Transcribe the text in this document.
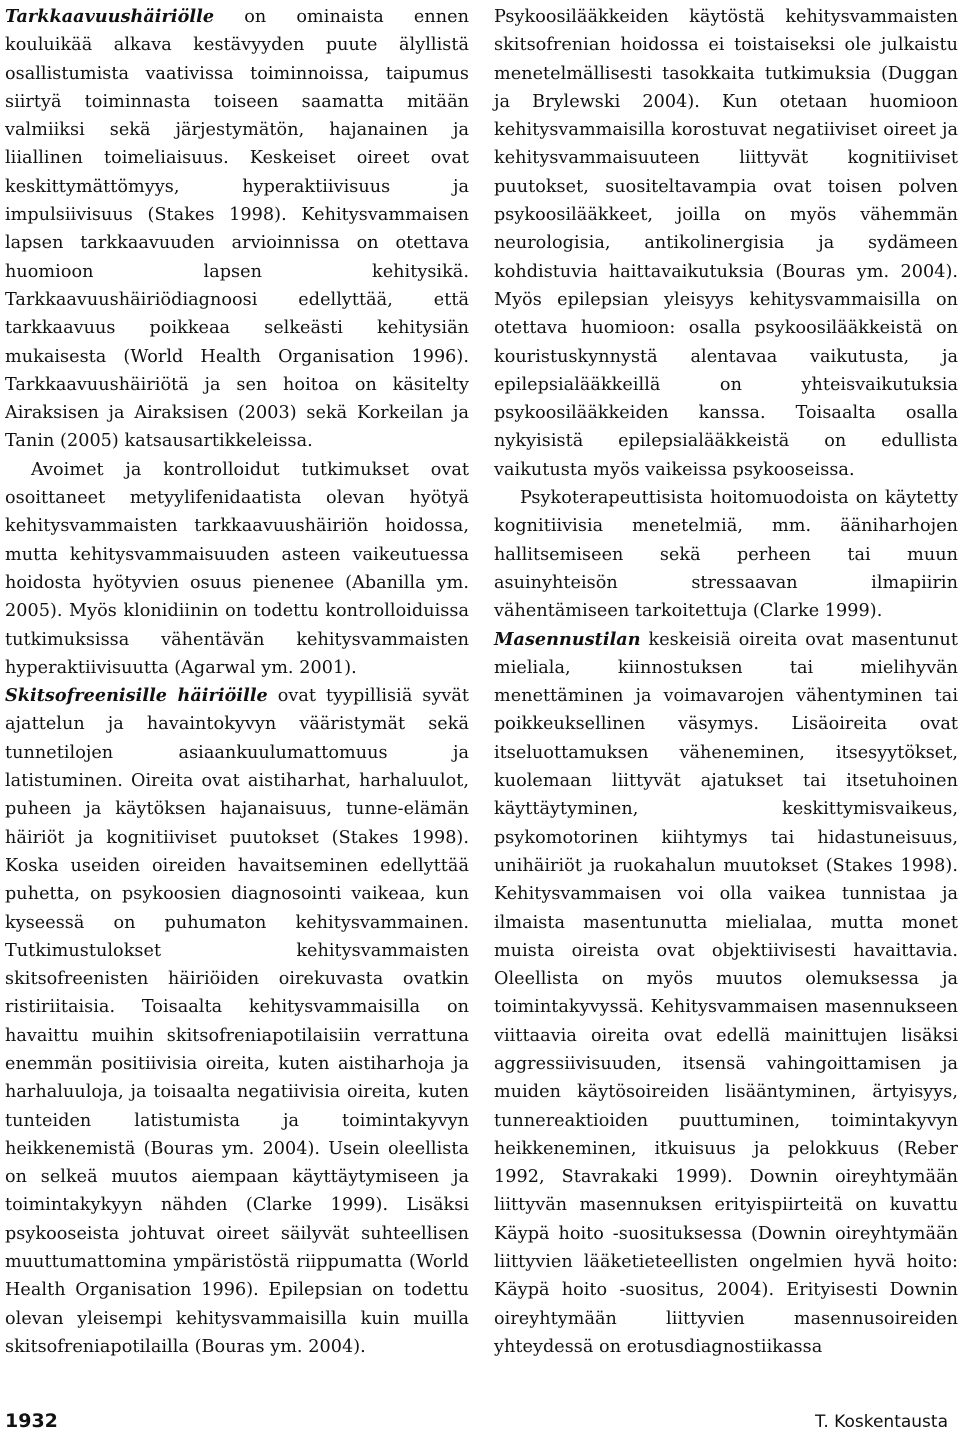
Tarkkaavuushäiriölle on ominaista ennen kouluikää alkava kestävyyden puute älyllistä osallistumista vaativissa toiminnoissa, taipumus siirtyä toiminnasta toiseen saamatta mitään valmiiksi sekä järjestymätön, hajanainen ja liiallinen toimeliaisuus. Keskeiset oireet ovat keskittymättömyys, hyperaktiivisuus ja impulsiivisuus (Stakes 1998). Kehitysvammaisen lapsen tarkkaavuuden arvioinnissa on otettava huomioon lapsen kehitysikä. Tarkkaavuushäiriödiagnoosi edellyttää, että tarkkaavuus poikkeaa selkeästi kehitysiän mukaisesta (World Health Organisation 1996). Tarkkaavuushäiriötä ja sen hoitoa on käsitelty Airaksisen ja Airaksisen (2003) sekä Korkeilan ja Tanin (2005) katsausartikkeleissa.

Avoimet ja kontrolloidut tutkimukset ovat osoittaneet metyylifenidaatista olevan hyötyä kehitysvammaisten tarkkaavuushäiriön hoidossa, mutta kehitysvammaisuuden asteen vaikeutuessa hoidosta hyötyvien osuus pienenee (Abanilla ym. 2005). Myös klonidiinin on todettu kontrolloiduissa tutkimuksissa vähentävän kehitysvammaisten hyperaktiivisuutta (Agarwal ym. 2001).

Skitsofreenisille häiriöille ovat tyypillisiä syvät ajattelun ja havaintokyvyn vääristymät sekä tunnetilojen asiaankuulumattomuus ja latistuminen. Oireita ovat aistiharhat, harhaluulot, puheen ja käytöksen hajanaisuus, tunne-elämän häiriöt ja kognitiiviset puutokset (Stakes 1998). Koska useiden oireiden havaitseminen edellyttää puhetta, on psykoosien diagnosointi vaikeaa, kun kyseessä on puhumaton kehitysvammainen. Tutkimustulokset kehitysvammaisten skitsofreenisten häiriöiden oirekuvasta ovatkin ristiriitaisia. Toisaalta kehitysvammaisilla on havaittu muihin skitsofreniapotilaisiin verrattuna enemmän positiivisia oireita, kuten aistiharhoja ja harhaluuloja, ja toisaalta negatiivisia oireita, kuten tunteiden latistumista ja toimintakyvyn heikkenemistä (Bouras ym. 2004). Usein oleellista on selkeä muutos aiempaan käyttäytymiseen ja toimintakykyyn nähden (Clarke 1999). Lisäksi psykooseista johtuvat oireet säilyvät suhteellisen muuttumattomina ympäristöstä riippumatta (World Health Organisation 1996). Epilepsian on todettu olevan yleisempi kehitysvammaisilla kuin muilla skitsofreniapotilailla (Bouras ym. 2004).

Psykoosilääkkeiden käytöstä kehitysvammaisten skitsofrenian hoidossa ei toistaiseksi ole julkaistu menetelmällisesti tasokkaita tutkimuksia (Duggan ja Brylewski 2004). Kun otetaan huomioon kehitysvammaisilla korostuvat negatiiviset oireet ja kehitysvammaisuuteen liittyvät kognitiiviset puutokset, suositeltavampia ovat toisen polven psykoosilääkkeet, joilla on myös vähemmän neurologisia, antikolinergisia ja sydämeen kohdistuvia haittavaikutuksia (Bouras ym. 2004). Myös epilepsian yleisyys kehitysvammaisilla on otettava huomioon: osalla psykoosilääkkeistä on kouristuskynnystä alentavaa vaikutusta, ja epilepsialääkkeillä on yhteisvaikutuksia psykoosilääkkeiden kanssa. Toisaalta osalla nykyisistä epilepsialääkkeistä on edullista vaikutusta myös vaikeissa psykooseissa.

Psykoterapeuttisista hoitomuodoista on käytetty kognitiivisia menetelmiä, mm. ääniharhojen hallitsemiseen sekä perheen tai muun asuinyhteisön stressaavan ilmapiirin vähentämiseen tarkoitettuja (Clarke 1999).

Masennustilan keskeisiä oireita ovat masentunut mieliala, kiinnostuksen tai mielihyvän menettäminen ja voimavarojen vähentyminen tai poikkeuksellinen väsymys. Lisäoireita ovat itseluottamuksen väheneminen, itsesyytökset, kuolemaan liittyvät ajatukset tai itsetuhoinen käyttäytyminen, keskittymisvaikeus, psykomotorinen kiihtymys tai hidastuneisuus, unihäiriöt ja ruokahalun muutokset (Stakes 1998). Kehitysvammaisen voi olla vaikea tunnistaa ja ilmaista masentunutta mielialaa, mutta monet muista oireista ovat objektiivisesti havaittavia. Oleellista on myös muutos olemuksessa ja toimintakyvyssä. Kehitysvammaisen masennukseen viittaavia oireita ovat edellä mainittujen lisäksi aggressiivisuuden, itsensä vahingoittamisen ja muiden käytösoireiden lisääntyminen, ärtyisyys, tunnereaktioiden puuttuminen, toimintakyvyn heikkeneminen, itkuisuus ja pelokkuus (Reber 1992, Stavrakaki 1999). Downin oireyhtymään liittyvän masennuksen erityispiirteitä on kuvattu Käypä hoito -suosituksessa (Downin oireyhtymään liittyvien lääketieteellisten ongelmien hyvä hoito: Käypä hoito -suositus, 2004). Erityisesti Downin oireyhtymään liittyvien masennusoireiden yhteydessä on erotusdiagnostiikassa

1932	T. Koskentausta
